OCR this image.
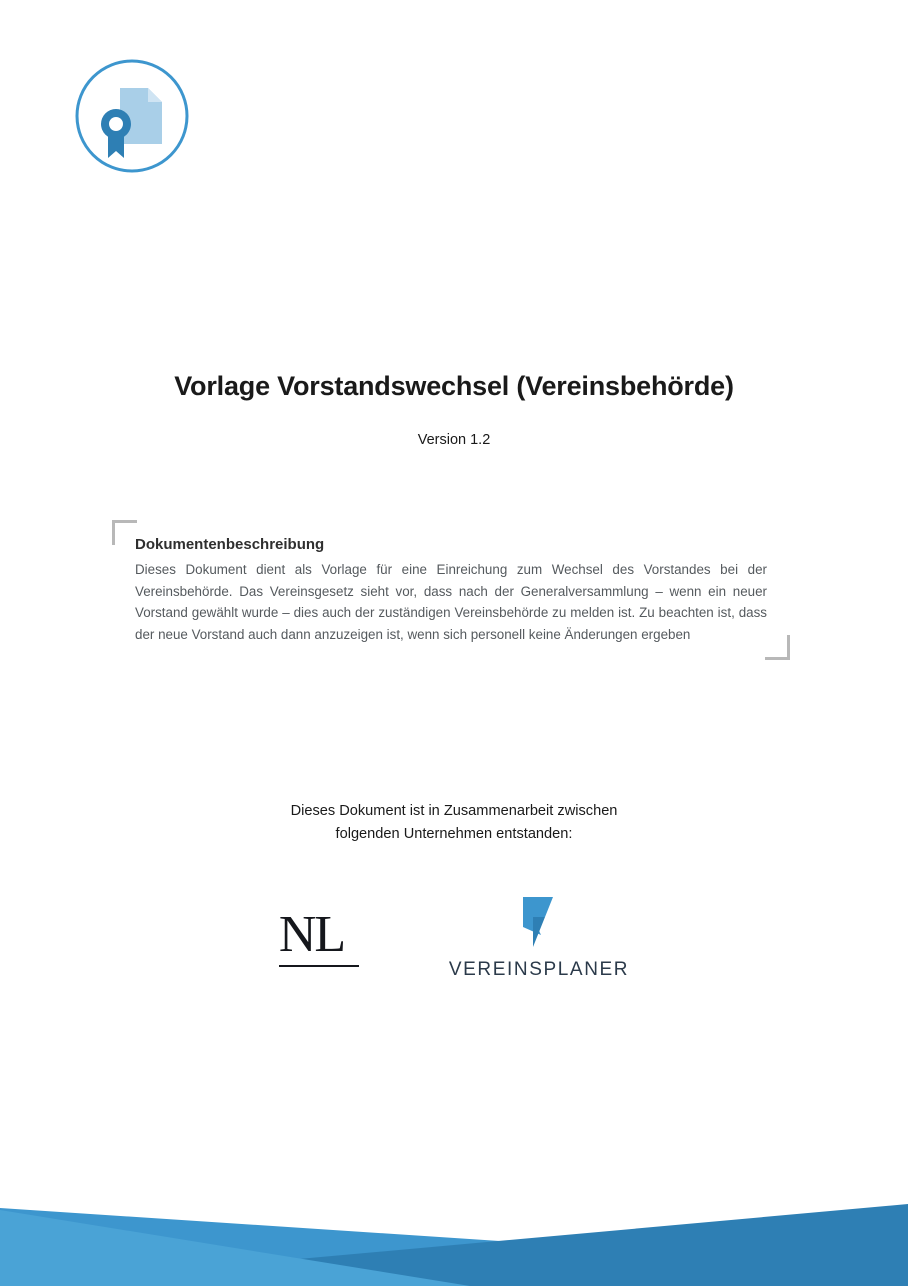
Vorlage Vorstandswechsel (Vereinsbehörde)
Version 1.2
Dokumentenbeschreibung

Dieses Dokument dient als Vorlage für eine Einreichung zum Wechsel des Vorstandes bei der Vereinsbehörde. Das Vereinsgesetz sieht vor, dass nach der Generalversammlung – wenn ein neuer Vorstand gewählt wurde – dies auch der zuständigen Vereinsbehörde zu melden ist. Zu beachten ist, dass der neue Vorstand auch dann anzuzeigen ist, wenn sich personell keine Änderungen ergeben

Dieses Dokument ist in Zusammenarbeit zwischen
folgenden Unternehmen entstanden:
NL
VEREINSPLANER
